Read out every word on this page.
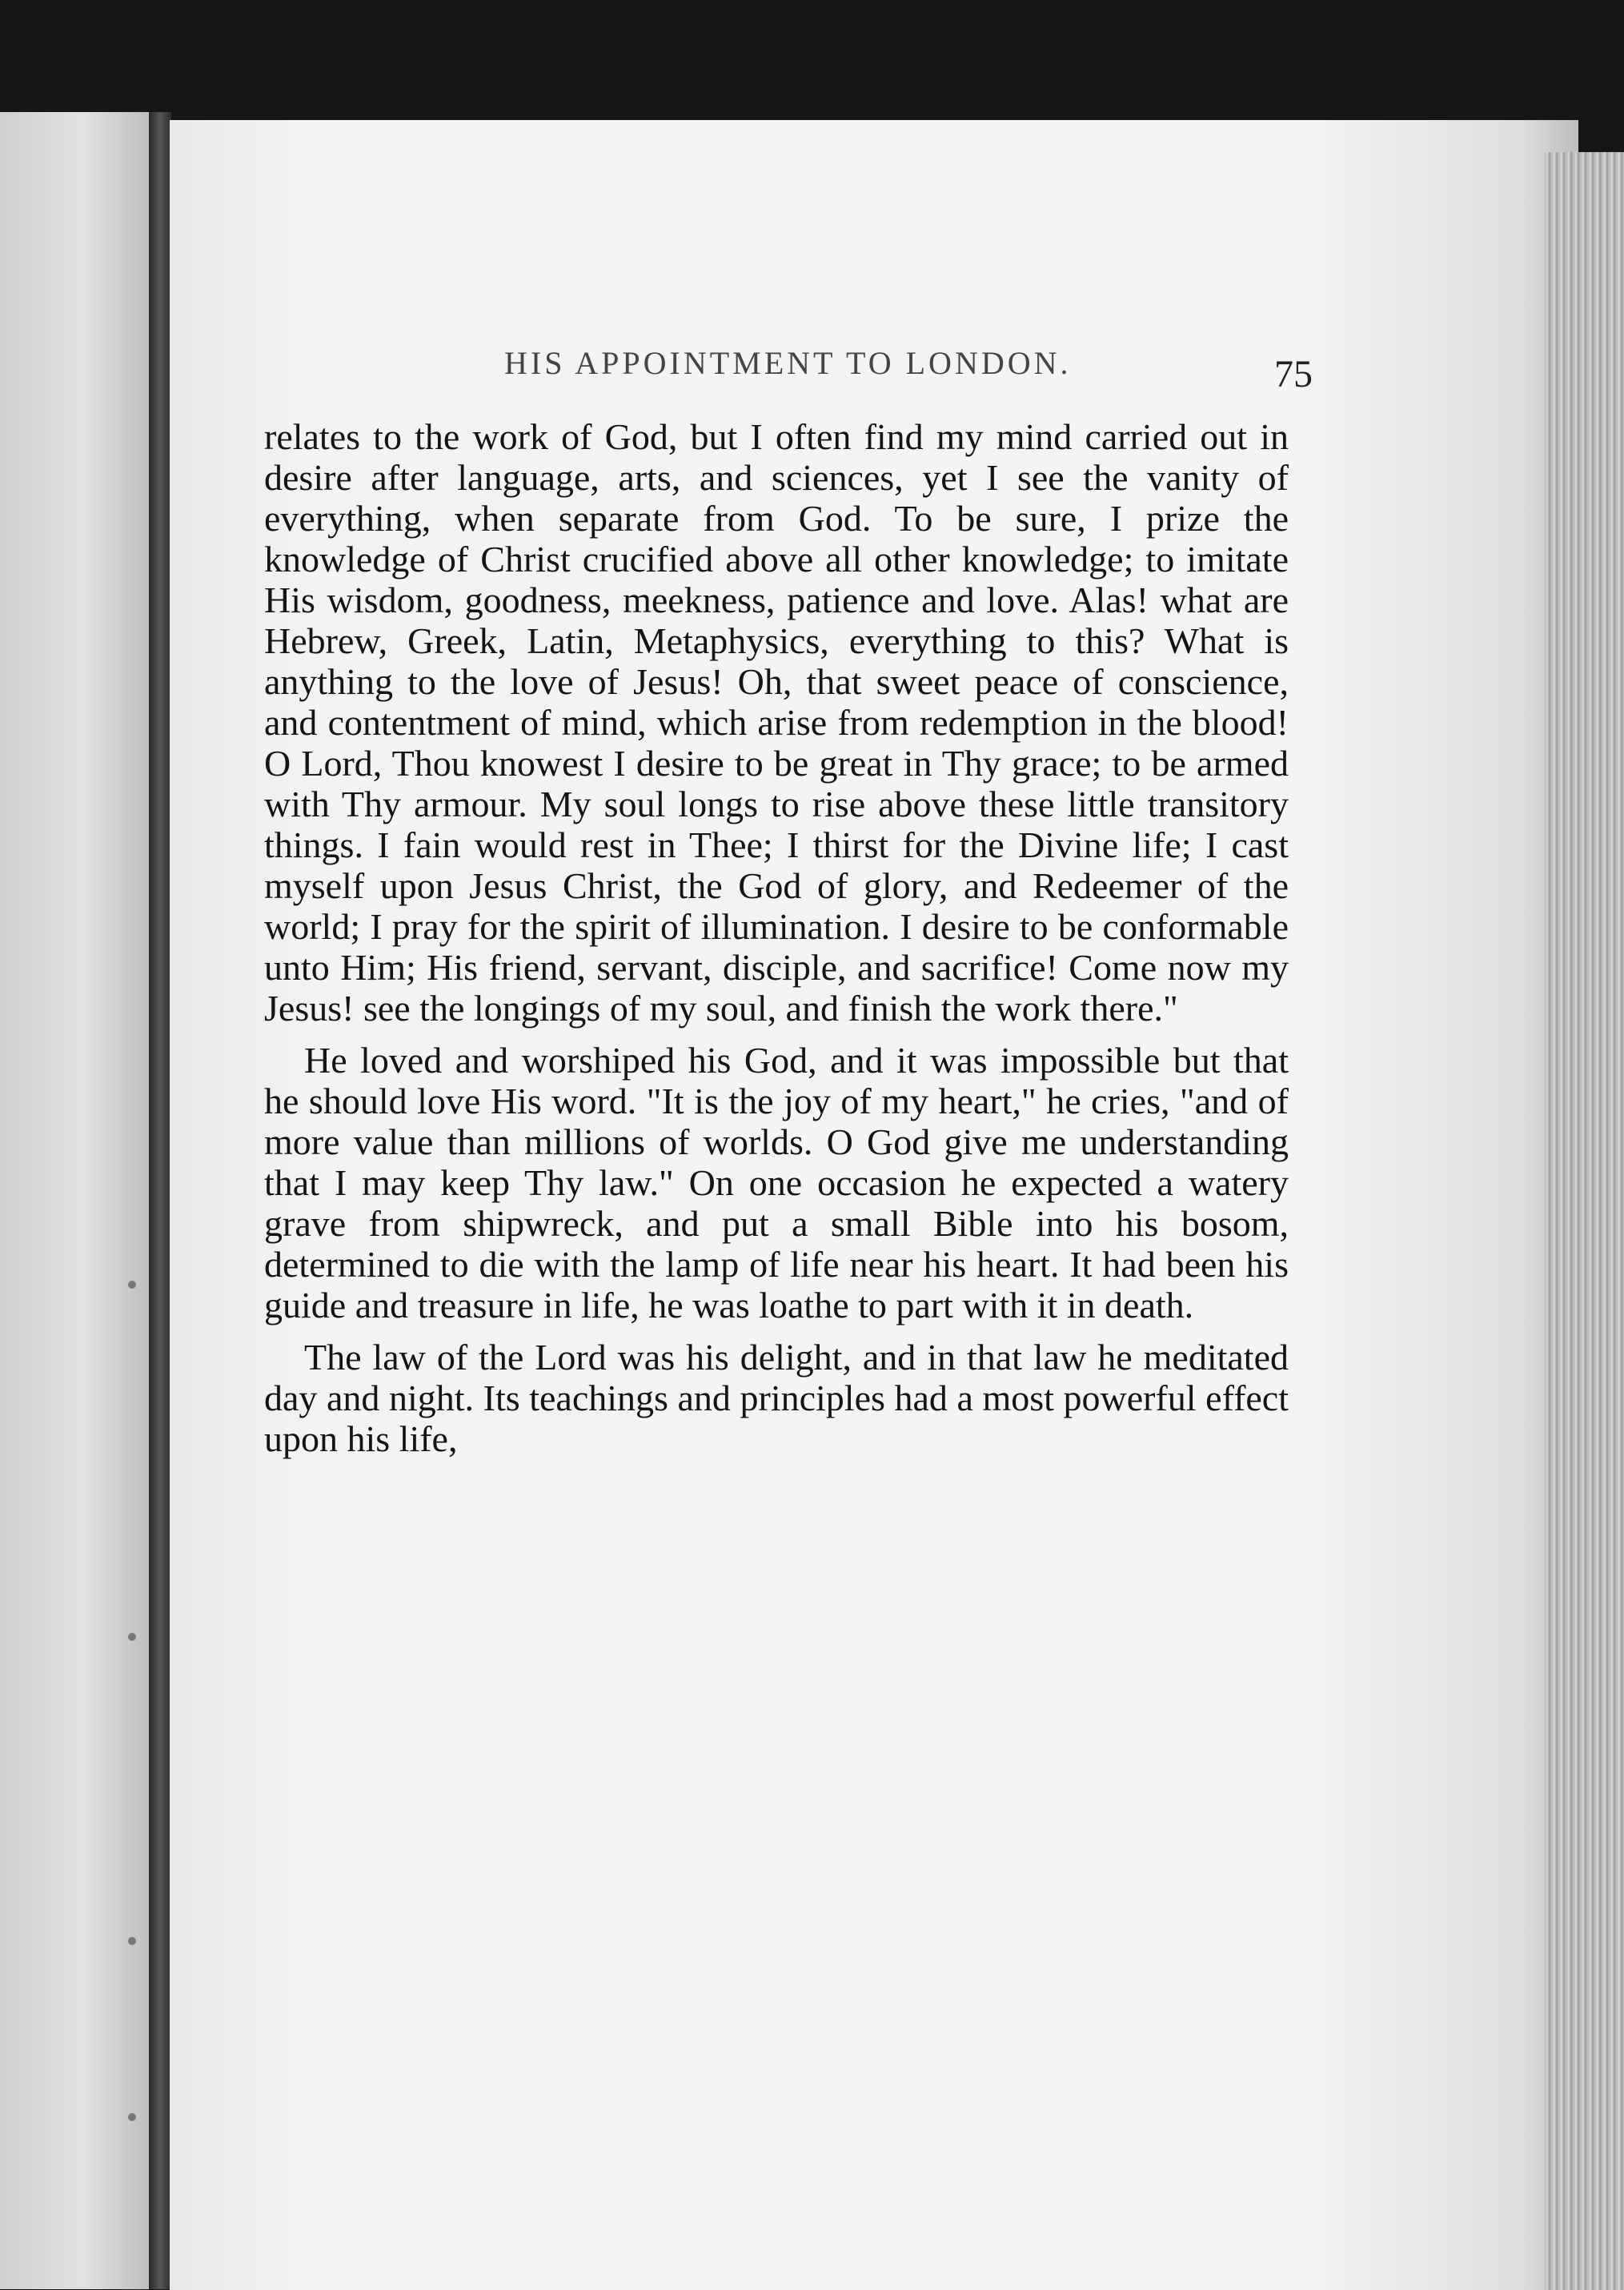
HIS APPOINTMENT TO LONDON.	75

relates to the work of God, but I often find my mind carried out in desire after language, arts, and sciences, yet I see the vanity of everything, when separate from God. To be sure, I prize the knowledge of Christ crucified above all other knowledge; to imitate His wisdom, goodness, meekness, patience and love. Alas! what are Hebrew, Greek, Latin, Metaphysics, everything to this? What is anything to the love of Jesus! Oh, that sweet peace of conscience, and contentment of mind, which arise from redemption in the blood! O Lord, Thou knowest I desire to be great in Thy grace; to be armed with Thy armour. My soul longs to rise above these little transitory things. I fain would rest in Thee; I thirst for the Divine life; I cast myself upon Jesus Christ, the God of glory, and Redeemer of the world; I pray for the spirit of illumination. I desire to be conformable unto Him; His friend, servant, disciple, and sacrifice! Come now my Jesus! see the longings of my soul, and finish the work there."

He loved and worshiped his God, and it was impossible but that he should love His word. "It is the joy of my heart," he cries, "and of more value than millions of worlds. O God give me understanding that I may keep Thy law." On one occasion he expected a watery grave from shipwreck, and put a small Bible into his bosom, determined to die with the lamp of life near his heart. It had been his guide and treasure in life, he was loathe to part with it in death.

The law of the Lord was his delight, and in that law he meditated day and night. Its teachings and principles had a most powerful effect upon his life,
